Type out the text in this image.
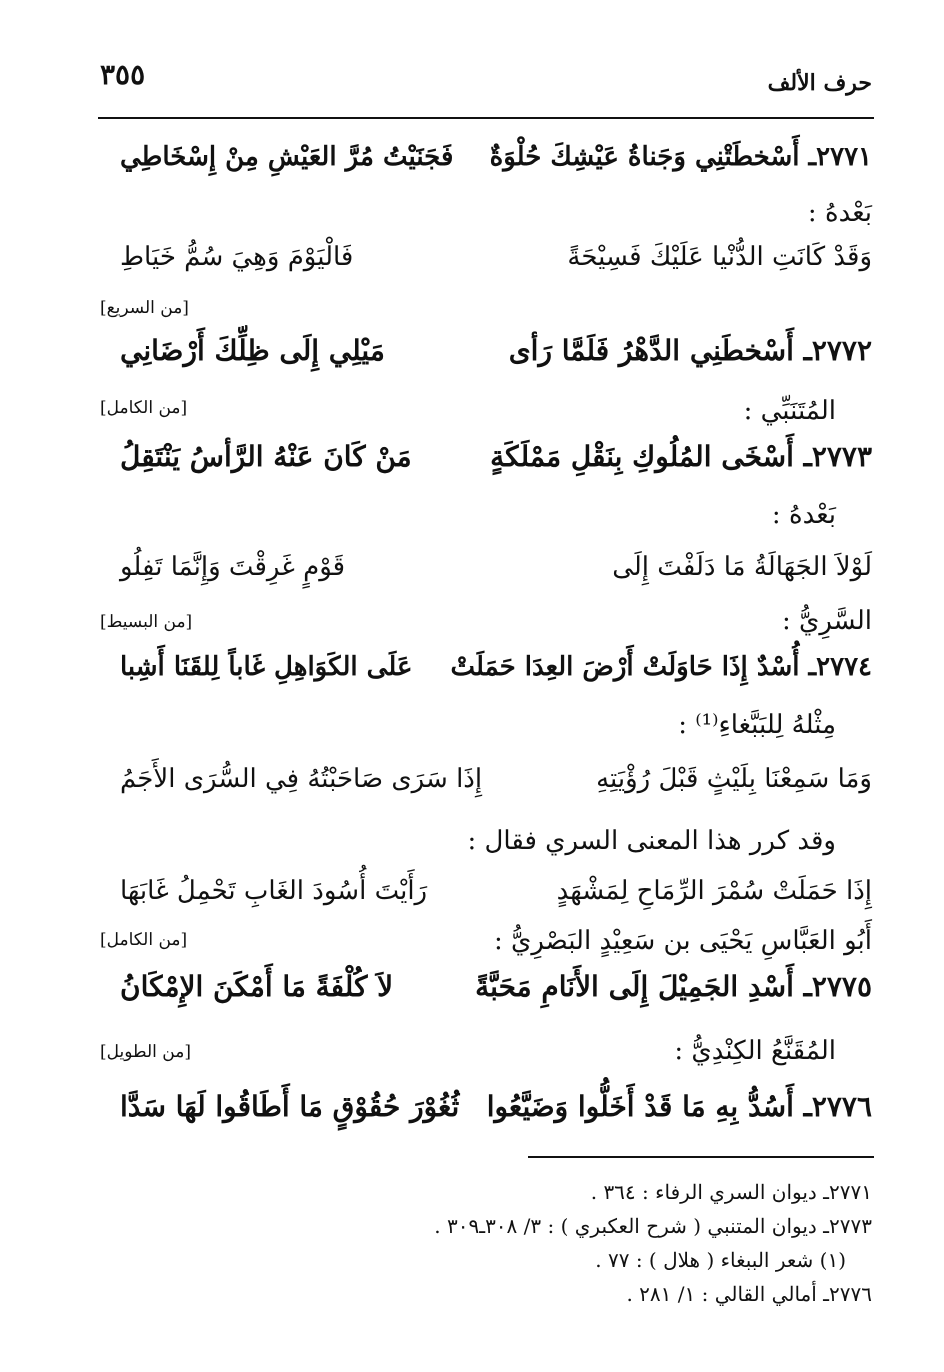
حرف الألف
٣٥٥
٢٧٧١ـ أَسْخطَتْنِي وَجَناةُ عَيْشِكَ حُلْوَةٌ
فَجَنَيْتُ مُرَّ العَيْشِ مِنْ إِسْخَاطِي
بَعْدهُ :
وَقَدْ كَانَتِ الدُّنْيا عَلَيْكَ فَسِيْحَةً
فَالْيَوْمَ وَهِيَ سُمُّ خَيَاطِ
[من السريع]
٢٧٧٢ـ أَسْخطَنِي الدَّهْرُ فَلَمَّا رَأى
مَيْلِي إِلَى ظِلِّكَ أَرْضَانِي
المُتَنَبِّي :
[من الكامل]
٢٧٧٣ـ أَسْخَى المُلُوكِ بِنَقْلِ مَمْلَكَةٍ
مَنْ كَانَ عَنْهُ الرَّأسُ يَنْتَقِلُ
بَعْدهُ :
لَوْلاَ الجَهَالَةُ مَا دَلَفْتَ إِلَى
قَوْمٍ غَرِقْتَ وَإِنَّمَا تَفِلُو
السَّرِيُّ :
[من البسيط]
٢٧٧٤ـ أُسْدٌ إِذَا حَاوَلَتْ أَرْضَ العِدَا حَمَلَتْ
عَلَى الكَوَاهِلِ غَاباً لِلقَنَا أَشِبا
مِثْلهُ لِلبَبَّغاءِ⁽¹⁾ :
وَمَا سَمِعْنَا بِلَيْثٍ قَبْلَ رُؤْيَتِهِ
إِذَا سَرَى صَاحَبْتُهُ فِي السُّرَى الأَجَمُ
وقد كرر هذا المعنى السري فقال :
إِذَا حَمَلَتْ سُمْرَ الرِّمَاحِ لِمَشْهَدٍ
رَأَيْتَ أُسُودَ الغَابِ تَحْمِلُ غَابَهَا
أَبُو العَبَّاسِ يَحْيَى بن سَعِيْدٍ البَصْرِيُّ :
[من الكامل]
٢٧٧٥ـ أَسْدِ الجَمِيْلَ إِلَى الأَنَامِ مَحَبَّةً
لاَ كُلْفَةً مَا أَمْكَنَ الإِمْكَانُ
المُقَنَّعُ الكِنْدِيُّ :
[من الطويل]
٢٧٧٦ـ أَسُدُّ بِهِ مَا قَدْ أَخَلُّوا وَضَيَّعُوا
ثُغُوْرَ حُقُوْقٍ مَا أَطَاقُوا لَهَا سَدَّا
٢٧٧١ـ ديوان السري الرفاء : ٣٦٤ .
٢٧٧٣ـ ديوان المتنبي ( شرح العكبري ) : ٣/ ٣٠٨ـ٣٠٩ .
(١) شعر الببغاء ( هلال ) : ٧٧ .
٢٧٧٦ـ أمالي القالي : ١/ ٢٨١ .
